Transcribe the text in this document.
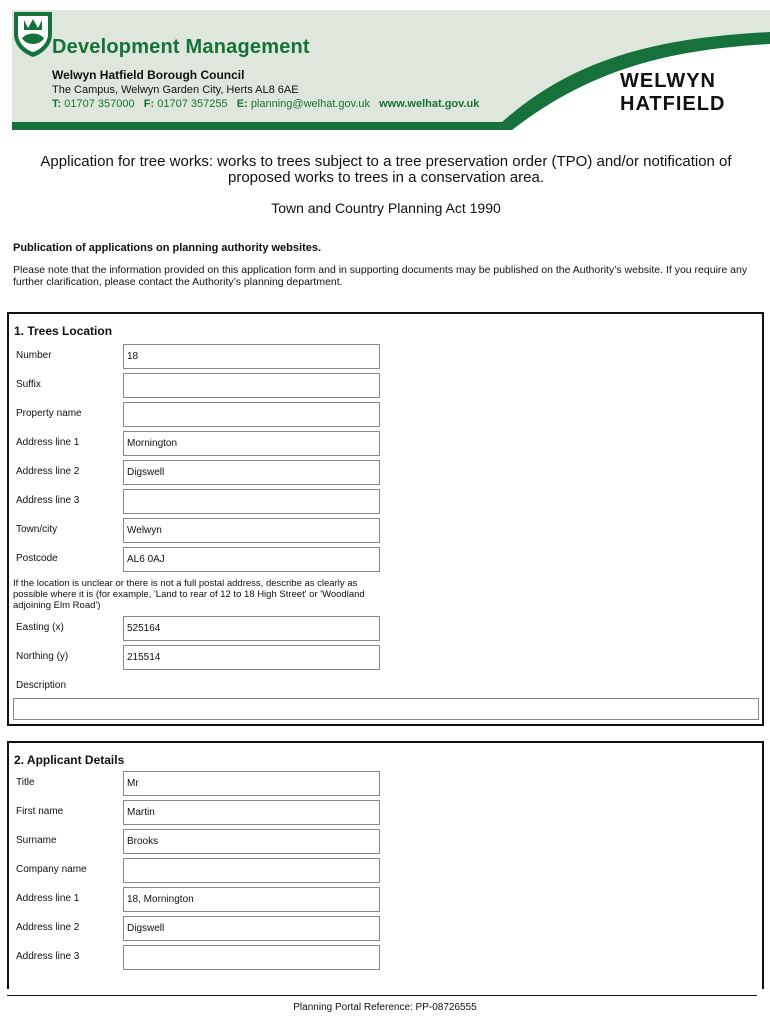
Development Management
Welwyn Hatfield Borough Council
The Campus, Welwyn Garden City, Herts AL8 6AE
T: 01707 357000 F: 01707 357255 E: planning@welhat.gov.uk www.welhat.gov.uk
WELWYN
HATFIELD
Application for tree works: works to trees subject to a tree preservation order (TPO) and/or notification of proposed works to trees in a conservation area.
Town and Country Planning Act 1990
Publication of applications on planning authority websites.
Please note that the information provided on this application form and in supporting documents may be published on the Authority’s website. If you require any further clarification, please contact the Authority’s planning department.
1. Trees Location
Number	18
Suffix
Property name
Address line 1	Mornington
Address line 2	Digswell
Address line 3
Town/city	Welwyn
Postcode	AL6 0AJ
If the location is unclear or there is not a full postal address, describe as clearly as possible where it is (for example, 'Land to rear of 12 to 18 High Street' or 'Woodland adjoining Elm Road')
Easting (x)	525164
Northing (y)	215514
Description
2. Applicant Details
Title	Mr
First name	Martin
Surname	Brooks
Company name
Address line 1	18, Mornington
Address line 2	Digswell
Address line 3
Planning Portal Reference: PP-08726555
